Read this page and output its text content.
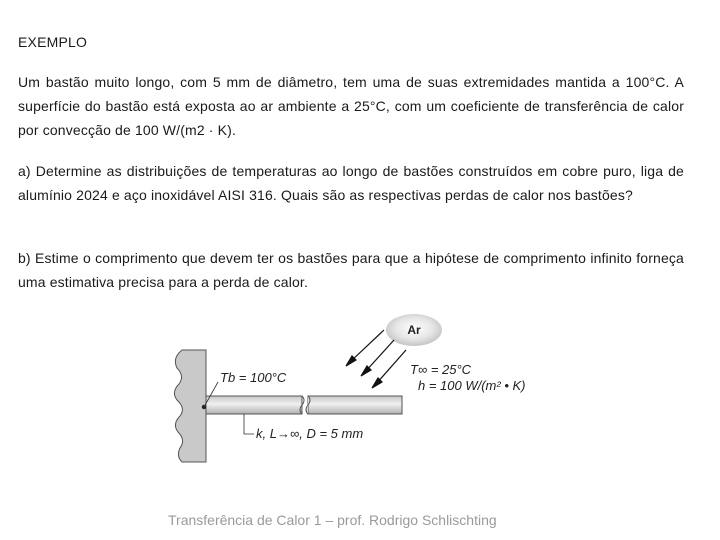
EXEMPLO
Um bastão muito longo, com 5 mm de diâmetro, tem uma de suas extremidades mantida a 100°C. A superfície do bastão está exposta ao ar ambiente a 25°C, com um coeficiente de transferência de calor por convecção de 100 W/(m2 · K).
a) Determine as distribuições de temperaturas ao longo de bastões construídos em cobre puro, liga de alumínio 2024 e aço inoxidável AISI 316. Quais são as respectivas perdas de calor nos bastões?
b) Estime o comprimento que devem ter os bastões para que a hipótese de comprimento infinito forneça uma estimativa precisa para a perda de calor.
Tb = 100°C
k, L→∞, D = 5 mm
Ar
T∞ = 25°C
h = 100 W/(m² • K)
Transferência de Calor 1 – prof. Rodrigo Schlischting
